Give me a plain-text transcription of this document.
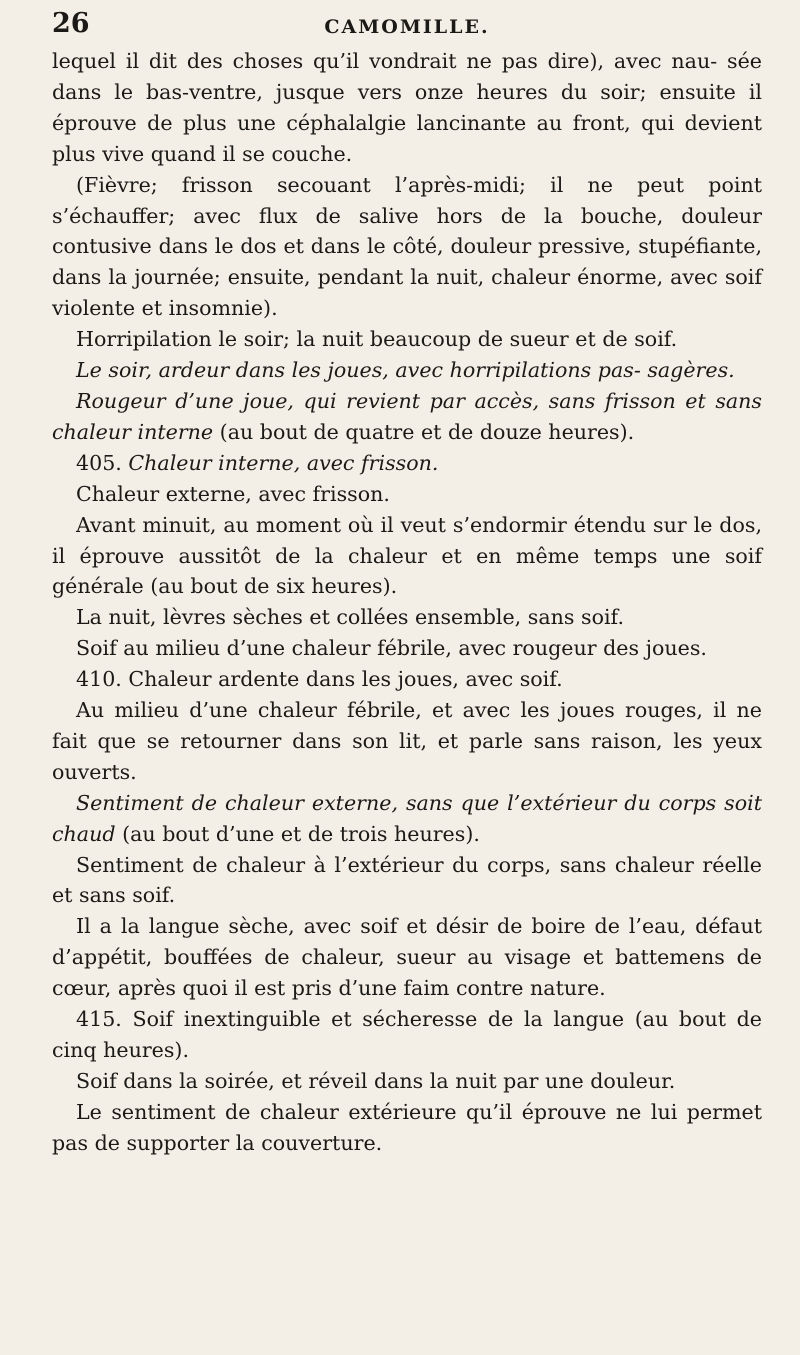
26	CAMOMILLE.

lequel il dit des choses qu’il vondrait ne pas dire), avec nau- sée dans le bas-ventre, jusque vers onze heures du soir; ensuite il éprouve de plus une céphalalgie lancinante au front, qui devient plus vive quand il se couche.

(Fièvre; frisson secouant l’après-midi; il ne peut point s’échauffer; avec flux de salive hors de la bouche, douleur contusive dans le dos et dans le côté, douleur pressive, stupéfiante, dans la journée; ensuite, pendant la nuit, chaleur énorme, avec soif violente et insomnie).

Horripilation le soir; la nuit beaucoup de sueur et de soif.

Le soir, ardeur dans les joues, avec horripilations pas- sagères.

Rougeur d’une joue, qui revient par accès, sans frisson et sans chaleur interne (au bout de quatre et de douze heures).

405. Chaleur interne, avec frisson.

Chaleur externe, avec frisson.

Avant minuit, au moment où il veut s’endormir étendu sur le dos, il éprouve aussitôt de la chaleur et en même temps une soif générale (au bout de six heures).

La nuit, lèvres sèches et collées ensemble, sans soif.

Soif au milieu d’une chaleur fébrile, avec rougeur des joues.

410. Chaleur ardente dans les joues, avec soif.

Au milieu d’une chaleur fébrile, et avec les joues rouges, il ne fait que se retourner dans son lit, et parle sans raison, les yeux ouverts.

Sentiment de chaleur externe, sans que l’extérieur du corps soit chaud (au bout d’une et de trois heures).

Sentiment de chaleur à l’extérieur du corps, sans chaleur réelle et sans soif.

Il a la langue sèche, avec soif et désir de boire de l’eau, défaut d’appétit, bouffées de chaleur, sueur au visage et battemens de cœur, après quoi il est pris d’une faim contre nature.

415. Soif inextinguible et sécheresse de la langue (au bout de cinq heures).

Soif dans la soirée, et réveil dans la nuit par une douleur.

Le sentiment de chaleur extérieure qu’il éprouve ne lui permet pas de supporter la couverture.
